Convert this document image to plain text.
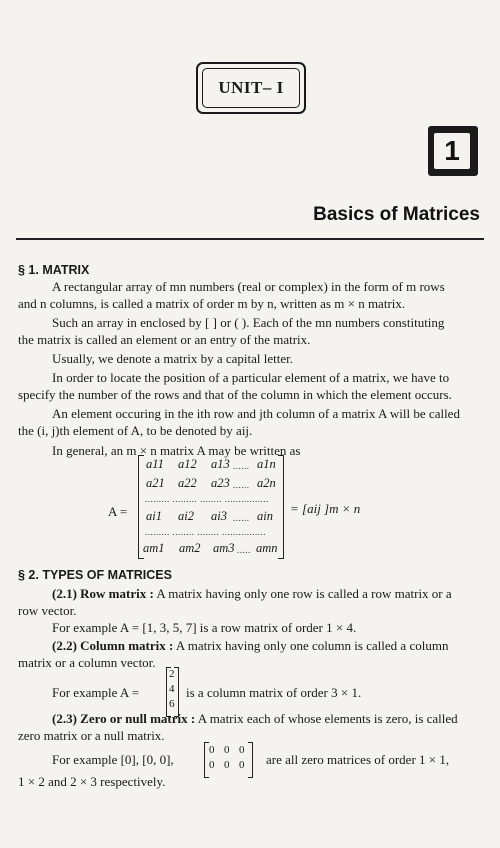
UNIT– I
1
Basics of Matrices
§ 1. MATRIX
A rectangular array of mn numbers (real or complex) in the form of m rows
and n columns, is called a matrix of order m by n, written as m × n matrix.
Such an array in enclosed by [ ] or ( ). Each of the mn numbers constituting
the matrix is called an element or an entry of the matrix.
Usually, we denote a matrix by a capital letter.
In order to locate the position of a particular element of a matrix, we have to
specify the number of the rows and that of the column in which the element occurs.
An element occuring in the ith row and jth column of a matrix A will be called
the (i, j)th element of A, to be denoted by aij.
In general, an m × n matrix A may be written as
A =
a11 a12 a13 ...... a1n
a21 a22 a23 ...... a2n
......... ......... ........ ................
ai1 ai2 ai3 ...... ain
......... ........ ........ ................
am1 am2 am3 ..... amn
= [aij ]m × n
§ 2. TYPES OF MATRICES
(2.1) Row matrix : A matrix having only one row is called a row matrix or a
row vector.
For example A = [1, 3, 5, 7] is a row matrix of order 1 × 4.
(2.2) Column matrix : A matrix having only one column is called a column
matrix or a column vector.
For example A =
2
4
6
is a column matrix of order 3 × 1.
(2.3) Zero or null matrix : A matrix each of whose elements is zero, is called
zero matrix or a null matrix.
For example [0], [0, 0],
0 0 0
0 0 0 are all zero matrices of order 1 × 1,
1 × 2 and 2 × 3 respectively.
